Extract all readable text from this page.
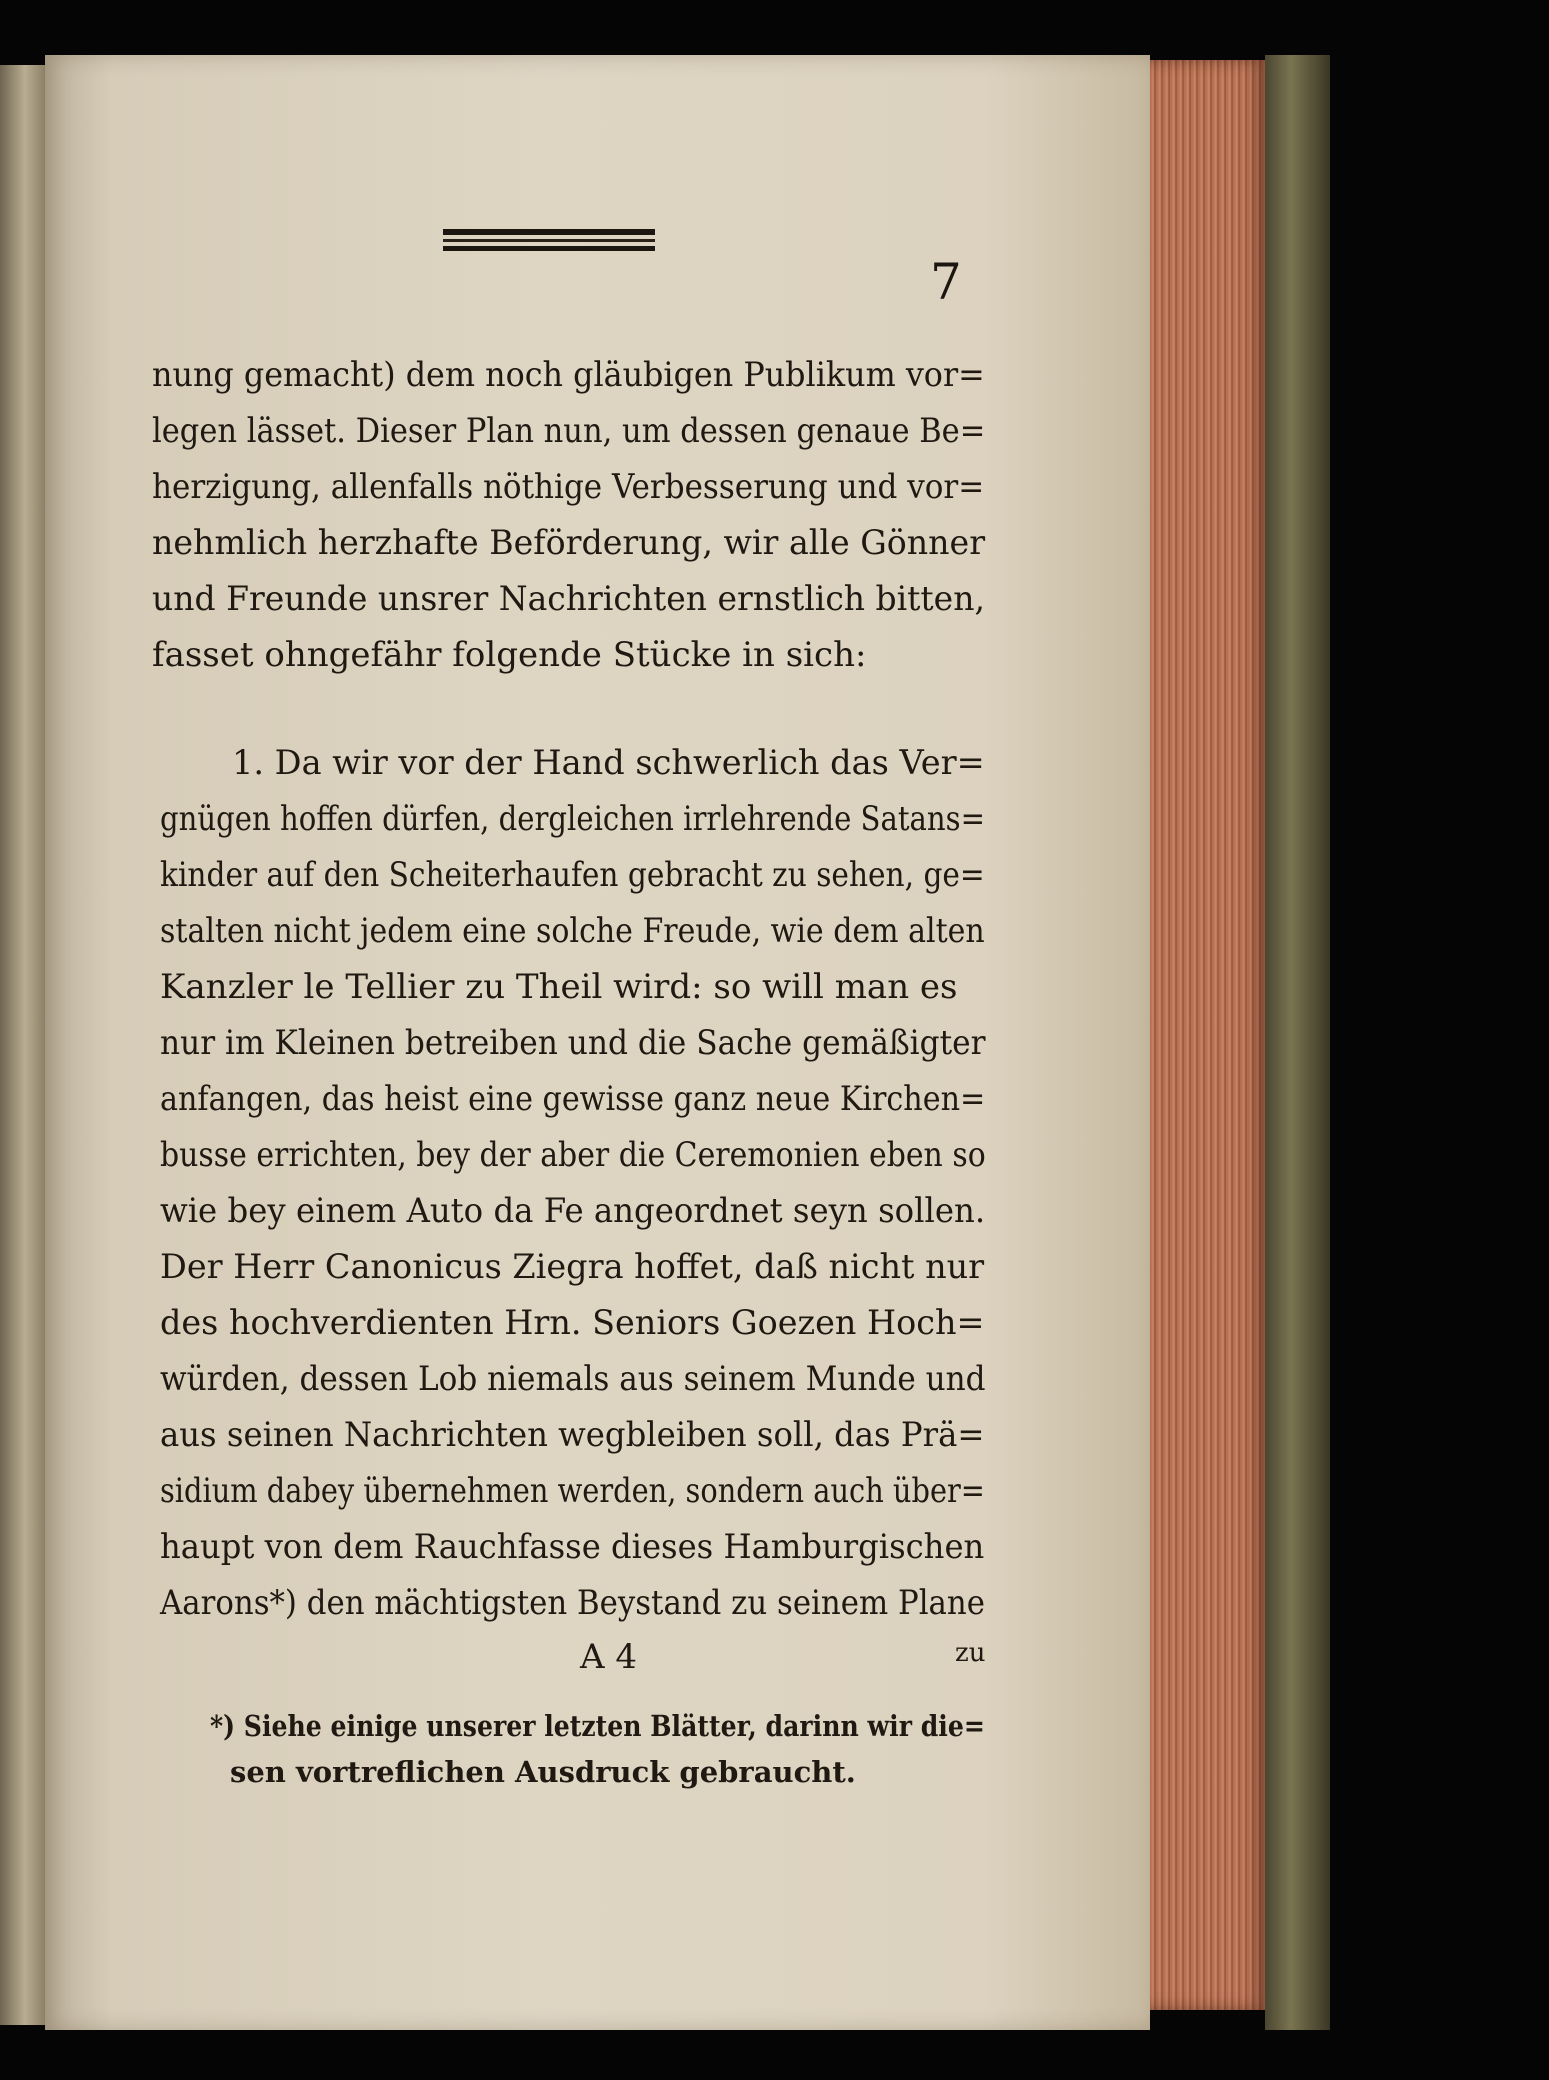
7
nung gemacht) dem noch gläubigen Publikum vor=
legen lässet. Dieser Plan nun, um dessen genaue Be=
herzigung, allenfalls nöthige Verbesserung und vor=
nehmlich herzhafte Beförderung, wir alle Gönner
und Freunde unsrer Nachrichten ernstlich bitten,
fasset ohngefähr folgende Stücke in sich:
1. Da wir vor der Hand schwerlich das Ver=
gnügen hoffen dürfen, dergleichen irrlehrende Satans=
kinder auf den Scheiterhaufen gebracht zu sehen, ge=
stalten nicht jedem eine solche Freude, wie dem alten
Kanzler le Tellier zu Theil wird: so will man es
nur im Kleinen betreiben und die Sache gemäßigter
anfangen, das heist eine gewisse ganz neue Kirchen=
busse errichten, bey der aber die Ceremonien eben so
wie bey einem Auto da Fe angeordnet seyn sollen.
Der Herr Canonicus Ziegra hoffet, daß nicht nur
des hochverdienten Hrn. Seniors Goezen Hoch=
würden, dessen Lob niemals aus seinem Munde und
aus seinen Nachrichten wegbleiben soll, das Prä=
sidium dabey übernehmen werden, sondern auch über=
haupt von dem Rauchfasse dieses Hamburgischen
Aarons*) den mächtigsten Beystand zu seinem Plane
A 4	zu
*) Siehe einige unserer letzten Blätter, darinn wir die=
sen vortreflichen Ausdruck gebraucht.
